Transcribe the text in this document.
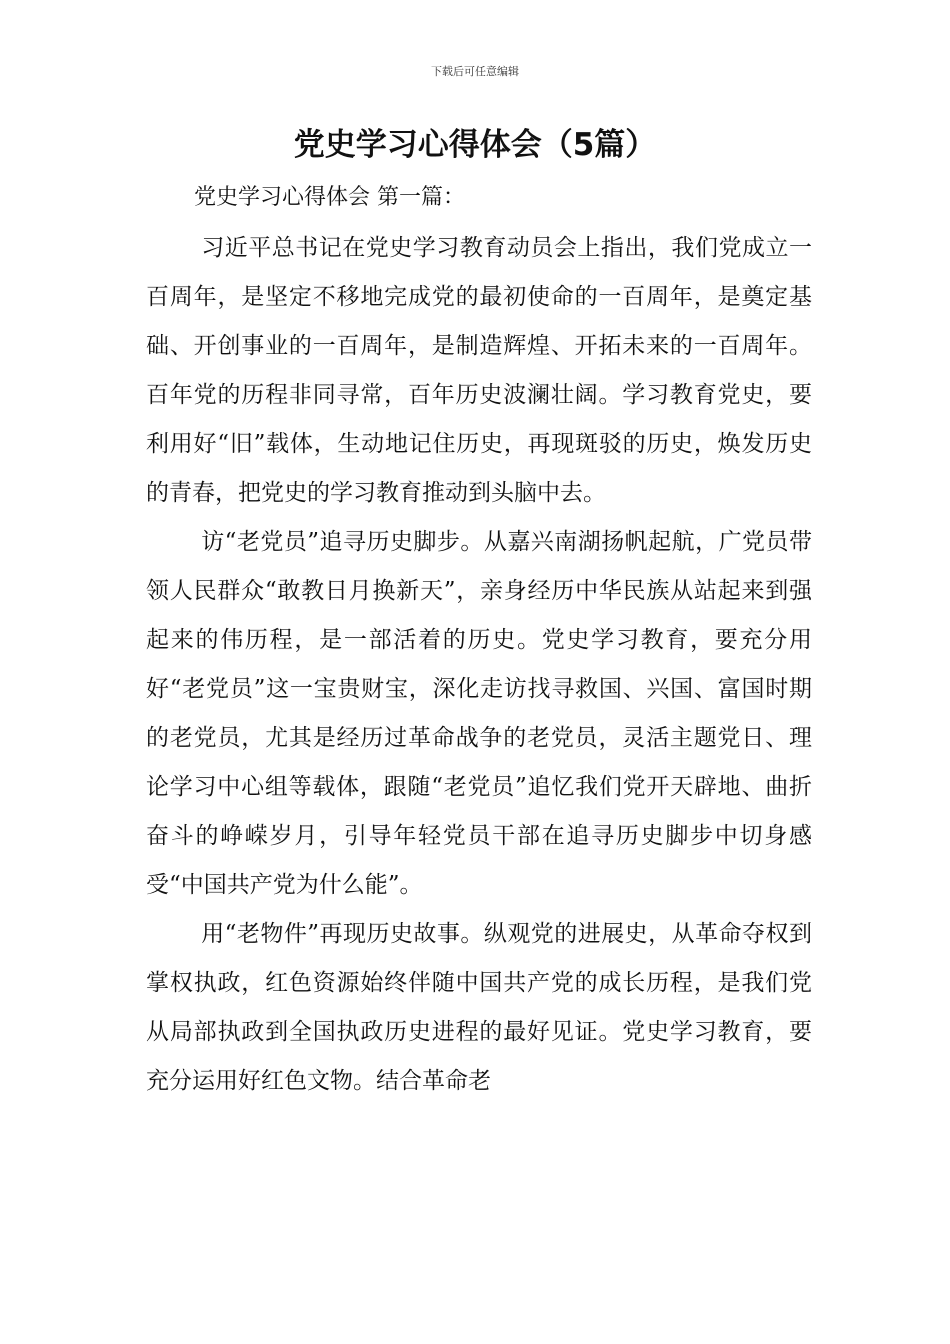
下载后可任意编辑
党史学习心得体会（5篇）

党史学习心得体会 第一篇：

习近平总书记在党史学习教育动员会上指出，我们党成立一百周年，是坚定不移地完成党的最初使命的一百周年，是奠定基础、开创事业的一百周年，是制造辉煌、开拓未来的一百周年。百年党的历程非同寻常，百年历史波澜壮阔。学习教育党史，要利用好“旧”载体，生动地记住历史，再现斑驳的历史，焕发历史的青春，把党史的学习教育推动到头脑中去。

访“老党员”追寻历史脚步。从嘉兴南湖扬帆起航，广党员带领人民群众“敢教日月换新天”，亲身经历中华民族从站起来到强起来的伟历程，是一部活着的历史。党史学习教育，要充分用好“老党员”这一宝贵财宝，深化走访找寻救国、兴国、富国时期的老党员，尤其是经历过革命战争的老党员，灵活主题党日、理论学习中心组等载体，跟随“老党员”追忆我们党开天辟地、曲折奋斗的峥嵘岁月，引导年轻党员干部在追寻历史脚步中切身感受“中国共产党为什么能”。

用“老物件”再现历史故事。纵观党的进展史，从革命夺权到掌权执政，红色资源始终伴随中国共产党的成长历程，是我们党从局部执政到全国执政历史进程的最好见证。党史学习教育，要充分运用好红色文物。结合革命老
